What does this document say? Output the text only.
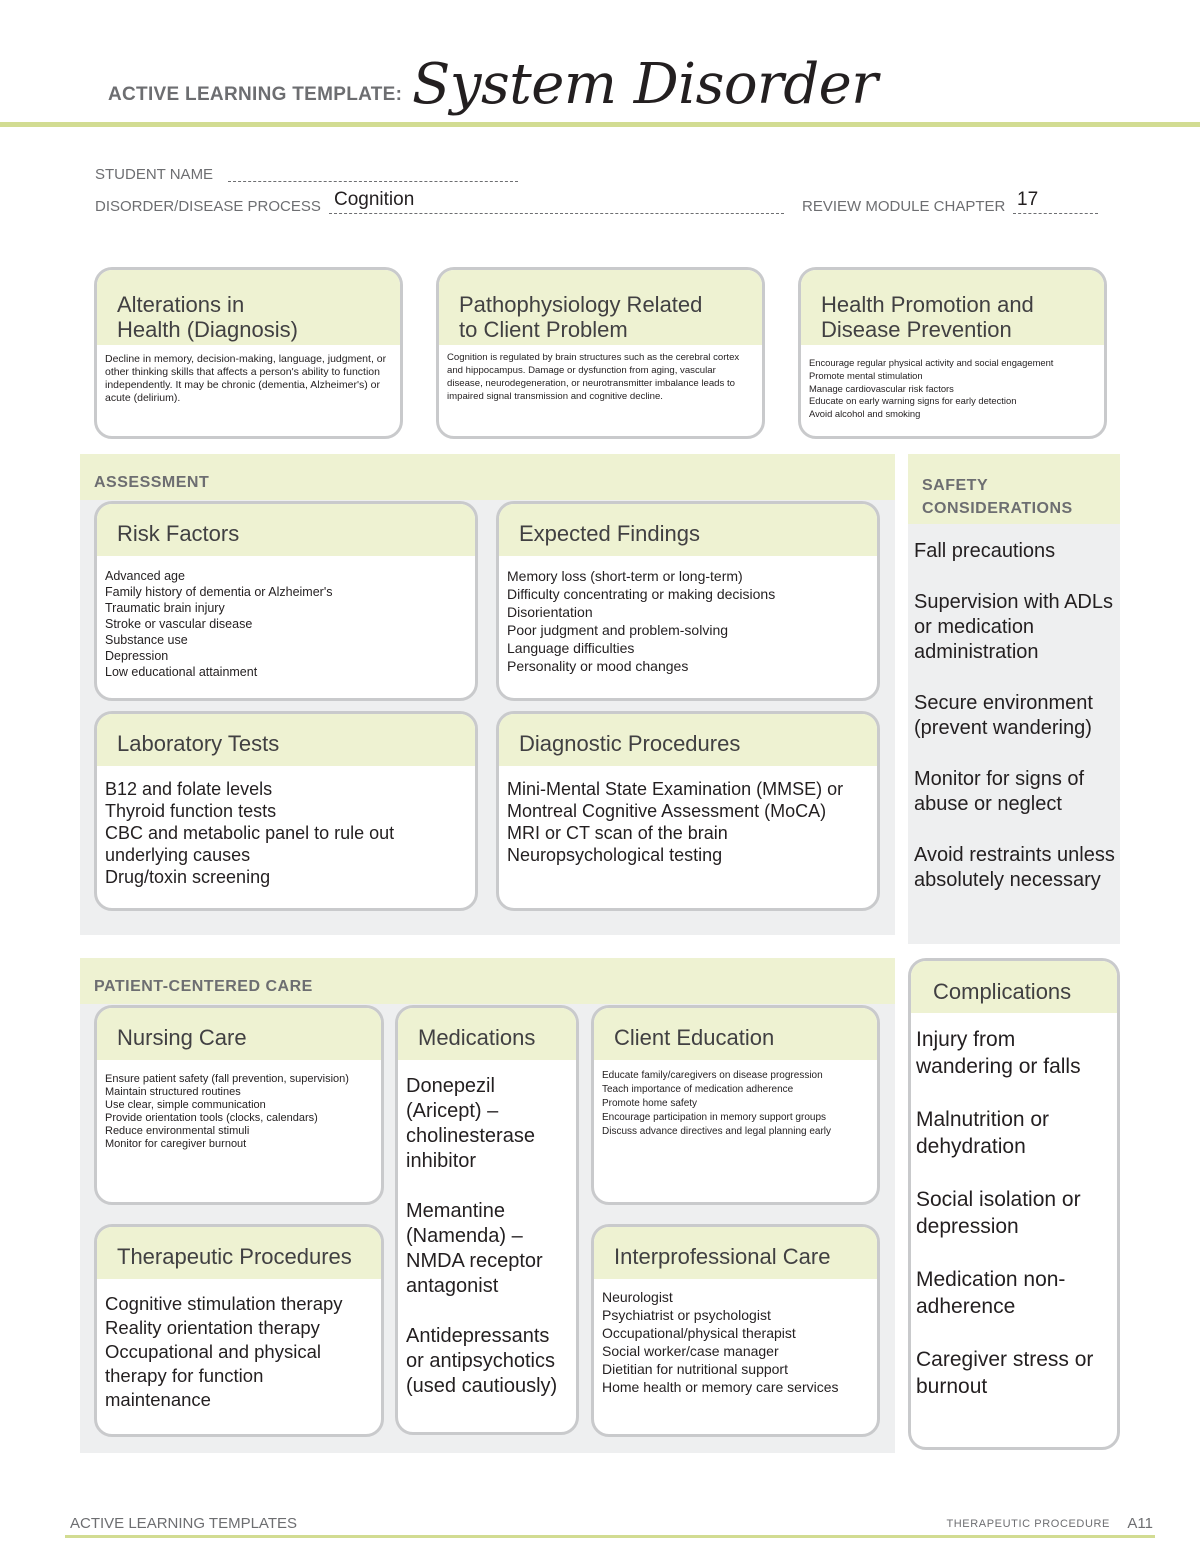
ACTIVE LEARNING TEMPLATE: System Disorder
STUDENT NAME
DISORDER/DISEASE PROCESS Cognition	REVIEW MODULE CHAPTER 17
Alterations in
Health (Diagnosis)
Decline in memory, decision-making, language, judgment, or other thinking skills that affects a person's ability to function independently. It may be chronic (dementia, Alzheimer's) or acute (delirium).
Pathophysiology Related
to Client Problem
Cognition is regulated by brain structures such as the cerebral cortex and hippocampus. Damage or dysfunction from aging, vascular disease, neurodegeneration, or neurotransmitter imbalance leads to impaired signal transmission and cognitive decline.
Health Promotion and
Disease Prevention
Encourage regular physical activity and social engagement
Promote mental stimulation
Manage cardiovascular risk factors
Educate on early warning signs for early detection
Avoid alcohol and smoking
ASSESSMENT
Risk Factors
Advanced age
Family history of dementia or Alzheimer's
Traumatic brain injury
Stroke or vascular disease
Substance use
Depression
Low educational attainment
Expected Findings
Memory loss (short-term or long-term)
Difficulty concentrating or making decisions
Disorientation
Poor judgment and problem-solving
Language difficulties
Personality or mood changes
Laboratory Tests
B12 and folate levels
Thyroid function tests
CBC and metabolic panel to rule out underlying causes
Drug/toxin screening
Diagnostic Procedures
Mini-Mental State Examination (MMSE) or Montreal Cognitive Assessment (MoCA)
MRI or CT scan of the brain
Neuropsychological testing
SAFETY
CONSIDERATIONS
Fall precautions
Supervision with ADLs or medication administration
Secure environment (prevent wandering)
Monitor for signs of abuse or neglect
Avoid restraints unless absolutely necessary
PATIENT-CENTERED CARE
Nursing Care
Ensure patient safety (fall prevention, supervision)
Maintain structured routines
Use clear, simple communication
Provide orientation tools (clocks, calendars)
Reduce environmental stimuli
Monitor for caregiver burnout
Medications
Donepezil (Aricept) – cholinesterase inhibitor
Memantine (Namenda) – NMDA receptor antagonist
Antidepressants or antipsychotics (used cautiously)
Client Education
Educate family/caregivers on disease progression
Teach importance of medication adherence
Promote home safety
Encourage participation in memory support groups
Discuss advance directives and legal planning early
Therapeutic Procedures
Cognitive stimulation therapy
Reality orientation therapy
Occupational and physical therapy for function maintenance
Interprofessional Care
Neurologist
Psychiatrist or psychologist
Occupational/physical therapist
Social worker/case manager
Dietitian for nutritional support
Home health or memory care services
Complications
Injury from wandering or falls
Malnutrition or dehydration
Social isolation or depression
Medication non-adherence
Caregiver stress or burnout
ACTIVE LEARNING TEMPLATES	THERAPEUTIC PROCEDURE A11
